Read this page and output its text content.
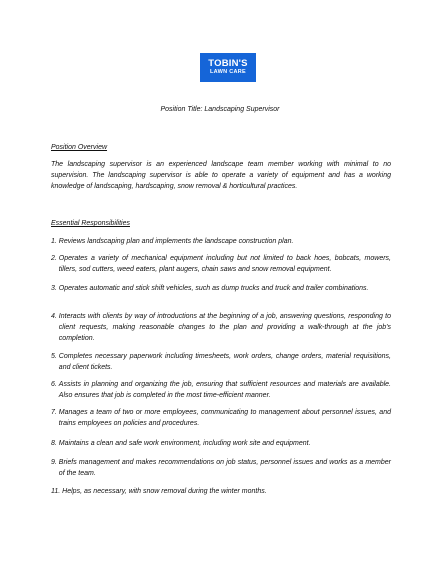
TOBIN'S
LAWN CARE
Position Title: Landscaping Supervisor
Position Overview
The landscaping supervisor is an experienced landscape team member working with minimal to no supervision. The landscaping supervisor is able to operate a variety of equipment and has a working knowledge of landscaping, hardscaping, snow removal & horticultural practices.
Essential Responsibilities
1.
Reviews landscaping plan and implements the landscape construction plan.
2.
Operates a variety of mechanical equipment including but not limited to back hoes, bobcats, mowers, tillers, sod cutters, weed eaters, plant augers, chain saws and snow removal equipment.
3.
Operates automatic and stick shift vehicles, such as dump trucks and truck and trailer combinations.
4.
Interacts with clients by way of introductions at the beginning of a job, answering questions, responding to client requests, making reasonable changes to the plan and providing a walk-through at the job's completion.
5.
Completes necessary paperwork including timesheets, work orders, change orders, material requisitions, and client tickets.
6.
Assists in planning and organizing the job, ensuring that sufficient resources and materials are available. Also ensures that job is completed in the most time-efficient manner.
7.
Manages a team of two or more employees, communicating to management about personnel issues, and trains employees on policies and procedures.
8.
Maintains a clean and safe work environment, including work site and equipment.
9.
Briefs management and makes recommendations on job status, personnel issues and works as a member of the team.
11.
Helps, as necessary, with snow removal during the winter months.
